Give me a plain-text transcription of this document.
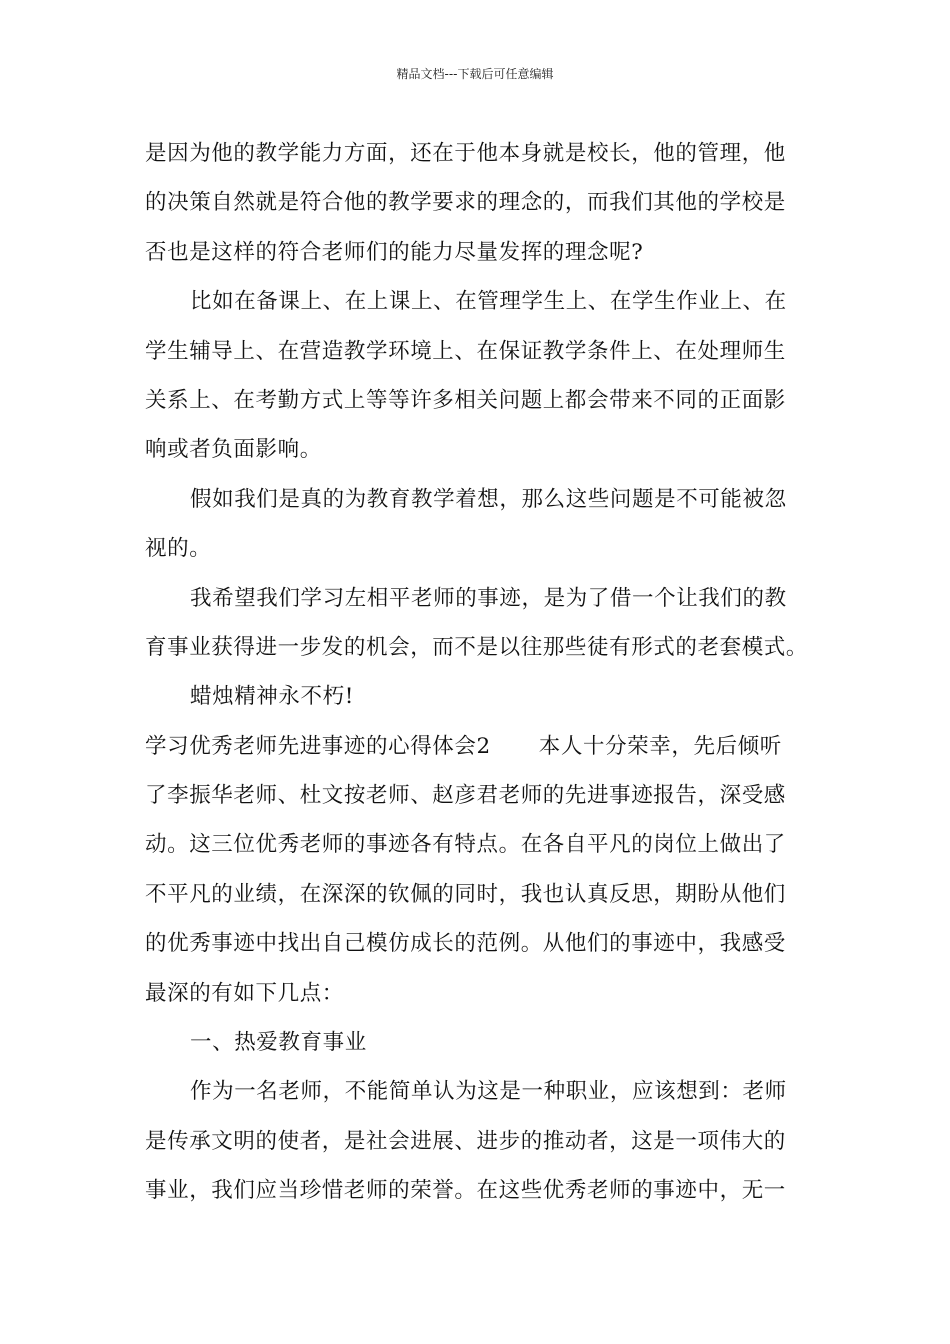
精品文档---下载后可任意编辑
是因为他的教学能力方面，还在于他本身就是校长，他的管理，他
的决策自然就是符合他的教学要求的理念的，而我们其他的学校是
否也是这样的符合老师们的能力尽量发挥的理念呢?
比如在备课上、在上课上、在管理学生上、在学生作业上、在
学生辅导上、在营造教学环境上、在保证教学条件上、在处理师生
关系上、在考勤方式上等等许多相关问题上都会带来不同的正面影
响或者负面影响。
假如我们是真的为教育教学着想，那么这些问题是不可能被忽
视的。
我希望我们学习左相平老师的事迹，是为了借一个让我们的教
育事业获得进一步发的机会，而不是以往那些徒有形式的老套模式。
蜡烛精神永不朽!
学习优秀老师先进事迹的心得体会2 本人十分荣幸，先后倾听
了李振华老师、杜文按老师、赵彦君老师的先进事迹报告，深受感
动。这三位优秀老师的事迹各有特点。在各自平凡的岗位上做出了
不平凡的业绩，在深深的钦佩的同时，我也认真反思，期盼从他们
的优秀事迹中找出自己模仿成长的范例。从他们的事迹中，我感受
最深的有如下几点：
一、热爱教育事业
作为一名老师，不能简单认为这是一种职业，应该想到：老师
是传承文明的使者，是社会进展、进步的推动者，这是一项伟大的
事业，我们应当珍惜老师的荣誉。在这些优秀老师的事迹中，无一
